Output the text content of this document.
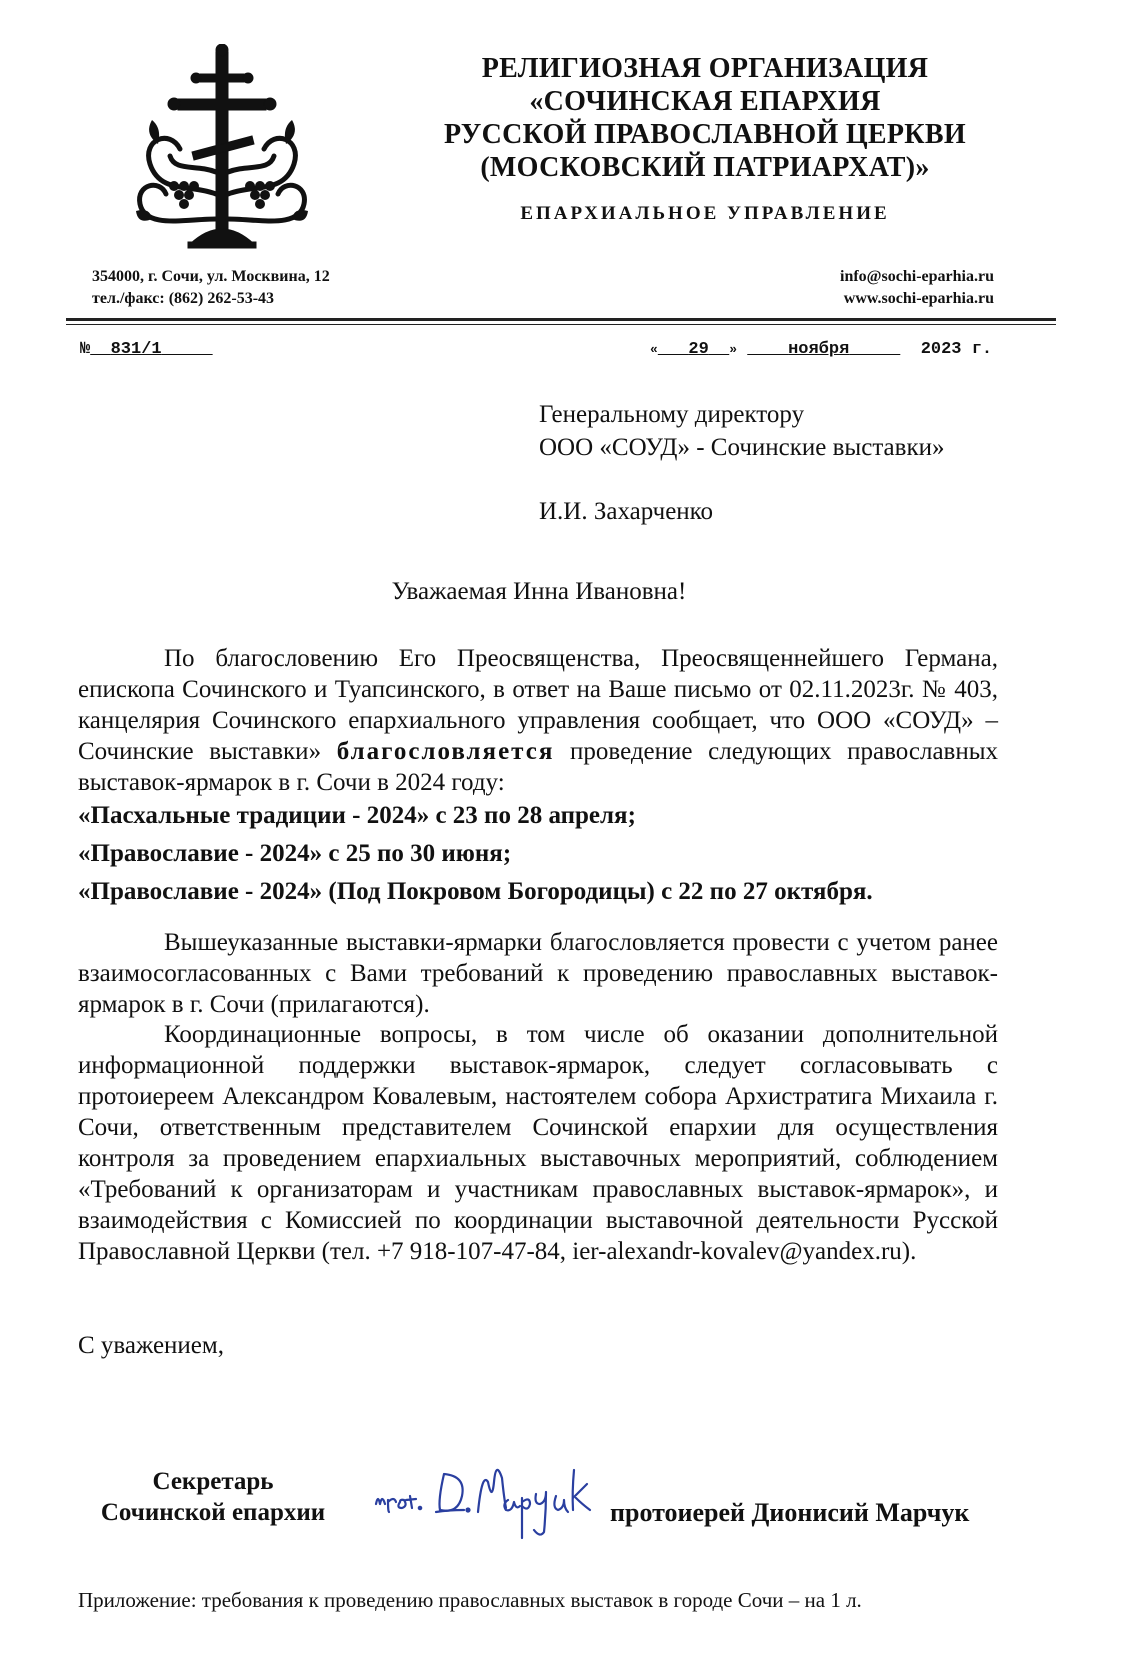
РЕЛИГИОЗНАЯ ОРГАНИЗАЦИЯ
«СОЧИНСКАЯ ЕПАРХИЯ
РУССКОЙ ПРАВОСЛАВНОЙ ЦЕРКВИ
(МОСКОВСКИЙ ПАТРИАРХАТ)»
ЕПАРХИАЛЬНОЕ УПРАВЛЕНИЕ
354000, г. Сочи, ул. Москвина, 12
тел./факс: (862) 262-53-43
info@sochi-eparhia.ru
www.sochi-eparhia.ru
№ 831/1	« 29 »	ноября	2023 г.
Генеральному директору
ООО «СОУД» - Сочинские выставки»
И.И. Захарченко
Уважаемая Инна Ивановна!
По благословению Его Преосвященства, Преосвященнейшего Германа, епископа Сочинского и Туапсинского, в ответ на Ваше письмо от 02.11.2023г. № 403, канцелярия Сочинского епархиального управления сообщает, что ООО «СОУД» – Сочинские выставки» благословляется проведение следующих православных выставок-ярмарок в г. Сочи в 2024 году:
«Пасхальные традиции - 2024» с 23 по 28 апреля;
«Православие - 2024» с 25 по 30 июня;
«Православие - 2024» (Под Покровом Богородицы) с 22 по 27 октября.
Вышеуказанные выставки-ярмарки благословляется провести с учетом ранее взаимосогласованных с Вами требований к проведению православных выставок-ярмарок в г. Сочи (прилагаются).
Координационные вопросы, в том числе об оказании дополнительной информационной поддержки выставок-ярмарок, следует согласовывать с протоиереем Александром Ковалевым, настоятелем собора Архистратига Михаила г. Сочи, ответственным представителем Сочинской епархии для осуществления контроля за проведением епархиальных выставочных мероприятий, соблюдением «Требований к организаторам и участникам православных выставок-ярмарок», и взаимодействия с Комиссией по координации выставочной деятельности Русской Православной Церкви (тел. +7 918-107-47-84, ier-alexandr-kovalev@yandex.ru).
С уважением,
Секретарь
Сочинской епархии	протоиерей Дионисий Марчук
Приложение: требования к проведению православных выставок в городе Сочи – на 1 л.
